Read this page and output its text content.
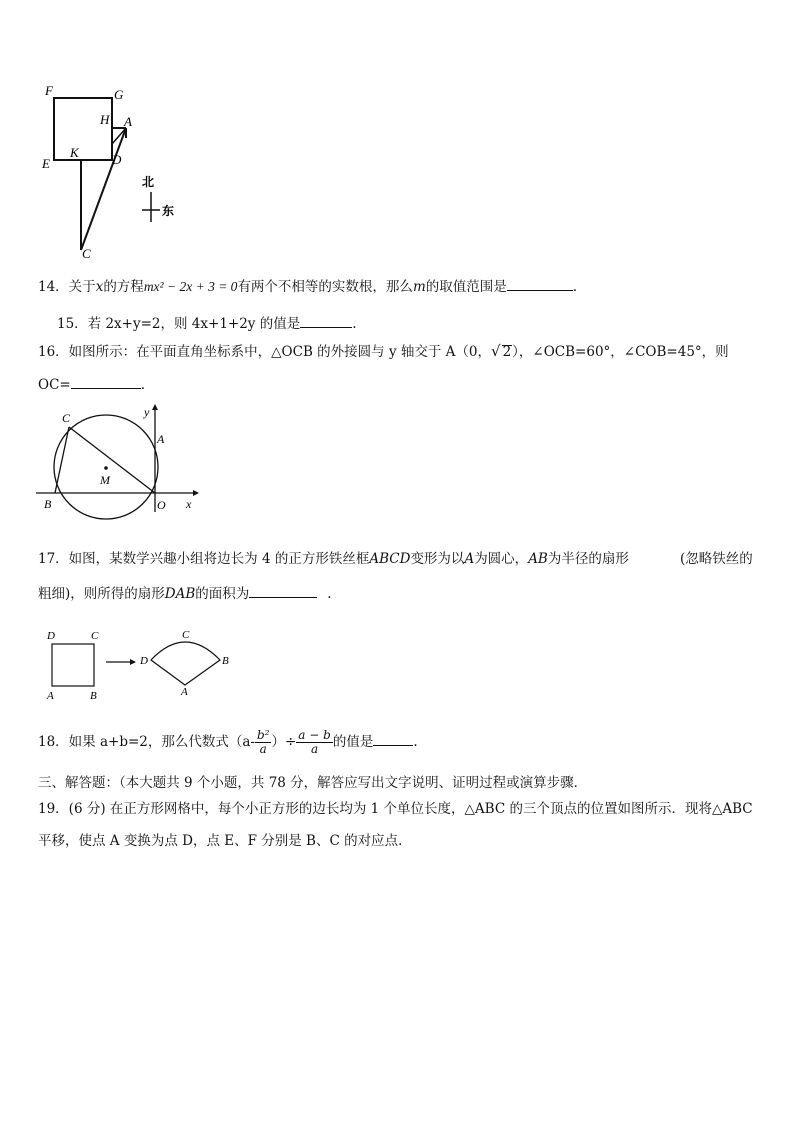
F	G
H A
E
K	D
C
北
东
14．关于x的方程mx² − 2x + 3 = 0有两个不相等的实数根，那么m的取值范围是	.
15．若 2x+y=2，则 4x+1+2y 的值是	.
16．如图所示：在平面直角坐标系中，△OCB 的外接圆与 y 轴交于 A（0，√ 2），∠OCB=60°，∠COB=45°，则
OC=	.
C	y
A
M
B	O x
17．如图，某数学兴趣小组将边长为 4 的正方形铁丝框ABCD变形为以A为圆心，AB为半径的扇形	(忽略铁丝的
粗细)，则所得的扇形DAB的面积为	.
D	C
A	B
C
D	B
A
18．如果 a+b=2，那么代数式（$a- \frac{\text{b²}}{a}$ ）÷ $\frac{a - b}{a}$ 的值是	.
三、解答题：（本大题共 9 个小题，共 78 分，解答应写出文字说明、证明过程或演算步骤．
19．(6 分) 在正方形网格中，每个小正方形的边长均为 1 个单位长度，△ABC 的三个顶点的位置如图所示．现将△ABC
平移，使点 A 变换为点 D，点 E、F 分别是 B、C 的对应点．
